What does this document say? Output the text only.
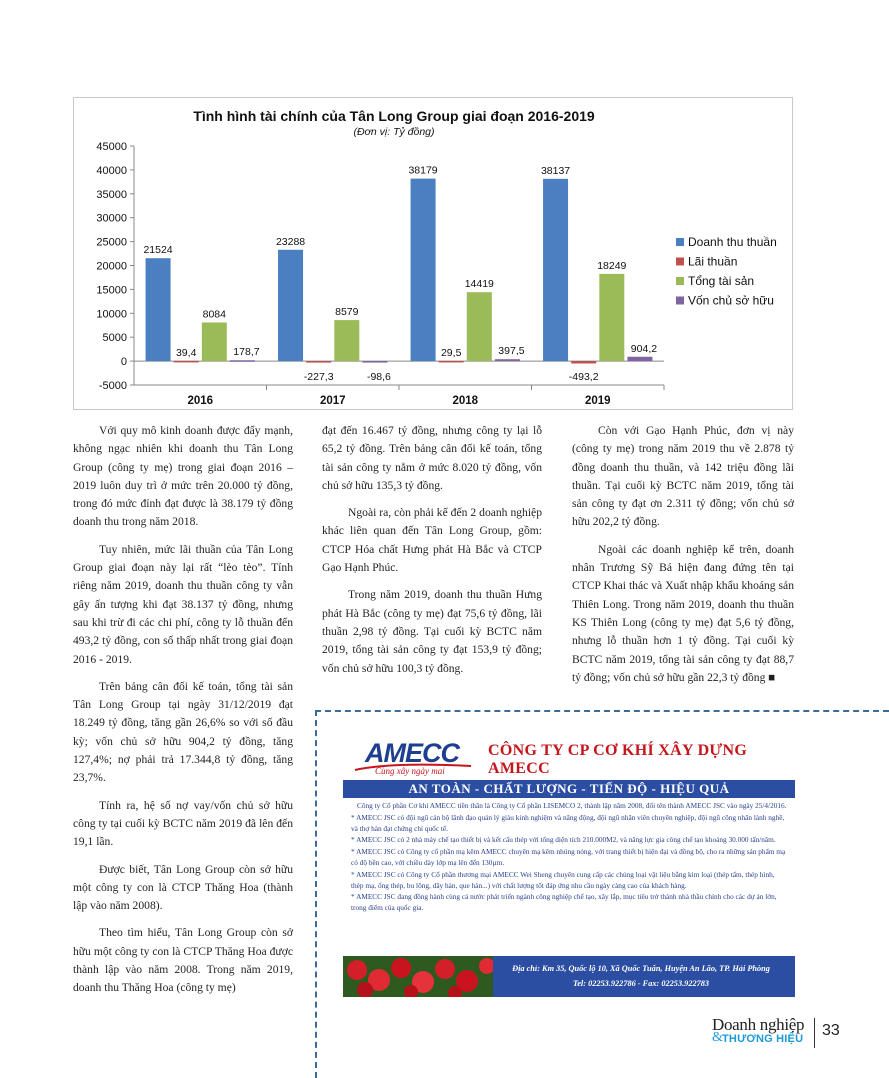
Tình hình tài chính của Tân Long Group giai đoạn 2016-2019
(Đơn vị: Tỷ đồng)
45000
40000
35000
30000
25000
20000
15000
10000
5000
0
-5000
2016	2017	2018	2019
21524
39,4
8084
178,7
23288
-227,3
8579
-98,6
38179
29,5
14419
397,5
38137
-493,2
18249
904,2
Doanh thu thuần
Lãi thuần
Tổng tài sản
Vốn chủ sở hữu

Với quy mô kinh doanh được đẩy mạnh, không ngạc nhiên khi doanh thu Tân Long Group (công ty mẹ) trong giai đoạn 2016 – 2019 luôn duy trì ở mức trên 20.000 tỷ đồng, trong đó mức đỉnh đạt được là 38.179 tỷ đồng doanh thu trong năm 2018.

Tuy nhiên, mức lãi thuần của Tân Long Group giai đoạn này lại rất “lèo tèo”. Tính riêng năm 2019, doanh thu thuần công ty vẫn gây ấn tượng khi đạt 38.137 tỷ đồng, nhưng sau khi trừ đi các chi phí, công ty lỗ thuần đến 493,2 tỷ đồng, con số thấp nhất trong giai đoạn 2016 - 2019.

Trên bảng cân đối kế toán, tổng tài sản Tân Long Group tại ngày 31/12/2019 đạt 18.249 tỷ đồng, tăng gần 26,6% so với số đầu kỳ; vốn chủ sở hữu 904,2 tỷ đồng, tăng 127,4%; nợ phải trả 17.344,8 tỷ đồng, tăng 23,7%.

Tính ra, hệ số nợ vay/vốn chủ sở hữu công ty tại cuối kỳ BCTC năm 2019 đã lên đến 19,1 lần.

Được biết, Tân Long Group còn sở hữu một công ty con là CTCP Thăng Hoa (thành lập vào năm 2008).

Theo tìm hiểu, Tân Long Group còn sở hữu một công ty con là CTCP Thăng Hoa được thành lập vào năm 2008. Trong năm 2019, doanh thu Thăng Hoa (công ty mẹ)

đạt đến 16.467 tỷ đồng, nhưng công ty lại lỗ 65,2 tỷ đồng. Trên bảng cân đối kế toán, tổng tài sản công ty nằm ở mức 8.020 tỷ đồng, vốn chủ sở hữu 135,3 tỷ đồng.

Ngoài ra, còn phải kể đến 2 doanh nghiệp khác liên quan đến Tân Long Group, gồm: CTCP Hóa chất Hưng phát Hà Bắc và CTCP Gạo Hạnh Phúc.

Trong năm 2019, doanh thu thuần Hưng phát Hà Bắc (công ty mẹ) đạt 75,6 tỷ đồng, lãi thuần 2,98 tỷ đồng. Tại cuối kỳ BCTC năm 2019, tổng tài sản công ty đạt 153,9 tỷ đồng; vốn chủ sở hữu 100,3 tỷ đồng.

Còn với Gạo Hạnh Phúc, đơn vị này (công ty mẹ) trong năm 2019 thu về 2.878 tỷ đồng doanh thu thuần, và 142 triệu đồng lãi thuần. Tại cuối kỳ BCTC năm 2019, tổng tài sản công ty đạt ơn 2.311 tỷ đồng; vốn chủ sở hữu 202,2 tỷ đồng.

Ngoài các doanh nghiệp kể trên, doanh nhân Trương Sỹ Bá hiện đang đứng tên tại CTCP Khai thác và Xuất nhập khẩu khoáng sản Thiên Long. Trong năm 2019, doanh thu thuần KS Thiên Long (công ty mẹ) đạt 5,6 tỷ đồng, nhưng lỗ thuần hơn 1 tỷ đồng. Tại cuối kỳ BCTC năm 2019, tổng tài sản công ty đạt 88,7 tỷ đồng; vốn chủ sở hữu gần 22,3 tỷ đồng ■

AMECC
Cùng xây ngày mai
CÔNG TY CP CƠ KHÍ XÂY DỰNG AMECC
AN TOÀN - CHẤT LƯỢNG - TIẾN ĐỘ - HIỆU QUẢ

Công ty Cổ phần Cơ khí AMECC tiền thân là Công ty Cổ phần LISEMCO 2, thành lập năm 2008, đổi tên thành AMECC JSC vào ngày 25/4/2016.

* AMECC JSC có đội ngũ cán bộ lãnh đạo quản lý giàu kinh nghiệm và năng động, đội ngũ nhân viên chuyên nghiệp, đội ngũ công nhân lành nghề, và thợ hàn đạt chứng chỉ quốc tế.

* AMECC JSC có 2 nhà máy chế tạo thiết bị và kết cấu thép với tổng diện tích 210.000M2, và năng lực gia công chế tạo khoảng 30.000 tấn/năm.

* AMECC JSC có Công ty cổ phần mạ kẽm AMECC chuyên mạ kẽm nhúng nóng, với trang thiết bị hiện đại và đồng bộ, cho ra những sản phẩm mạ có độ bền cao, với chiều dày lớp mạ lên đến 130µm.

* AMECC JSC có Công ty Cổ phần thương mại AMECC Wei Sheng chuyên cung cấp các chủng loại vật liệu bằng kim loại (thép tấm, thép hình, thép mạ, ống thép, bu lông, dây hàn, que hàn...) với chất lượng tốt đáp ứng nhu cầu ngày càng cao của khách hàng.

* AMECC JSC đang đồng hành cùng cả nước phát triển ngành công nghiệp chế tạo, xây lắp, mục tiêu trở thành nhà thầu chính cho các dự án lớn, trong điểm của quốc gia.

Địa chỉ: Km 35, Quốc lộ 10, Xã Quốc Tuấn, Huyện An Lão, TP. Hải Phòng
Tel: 02253.922786 - Fax: 02253.922783
Doanh nghiệp
& THƯƠNG HIỆU 33
